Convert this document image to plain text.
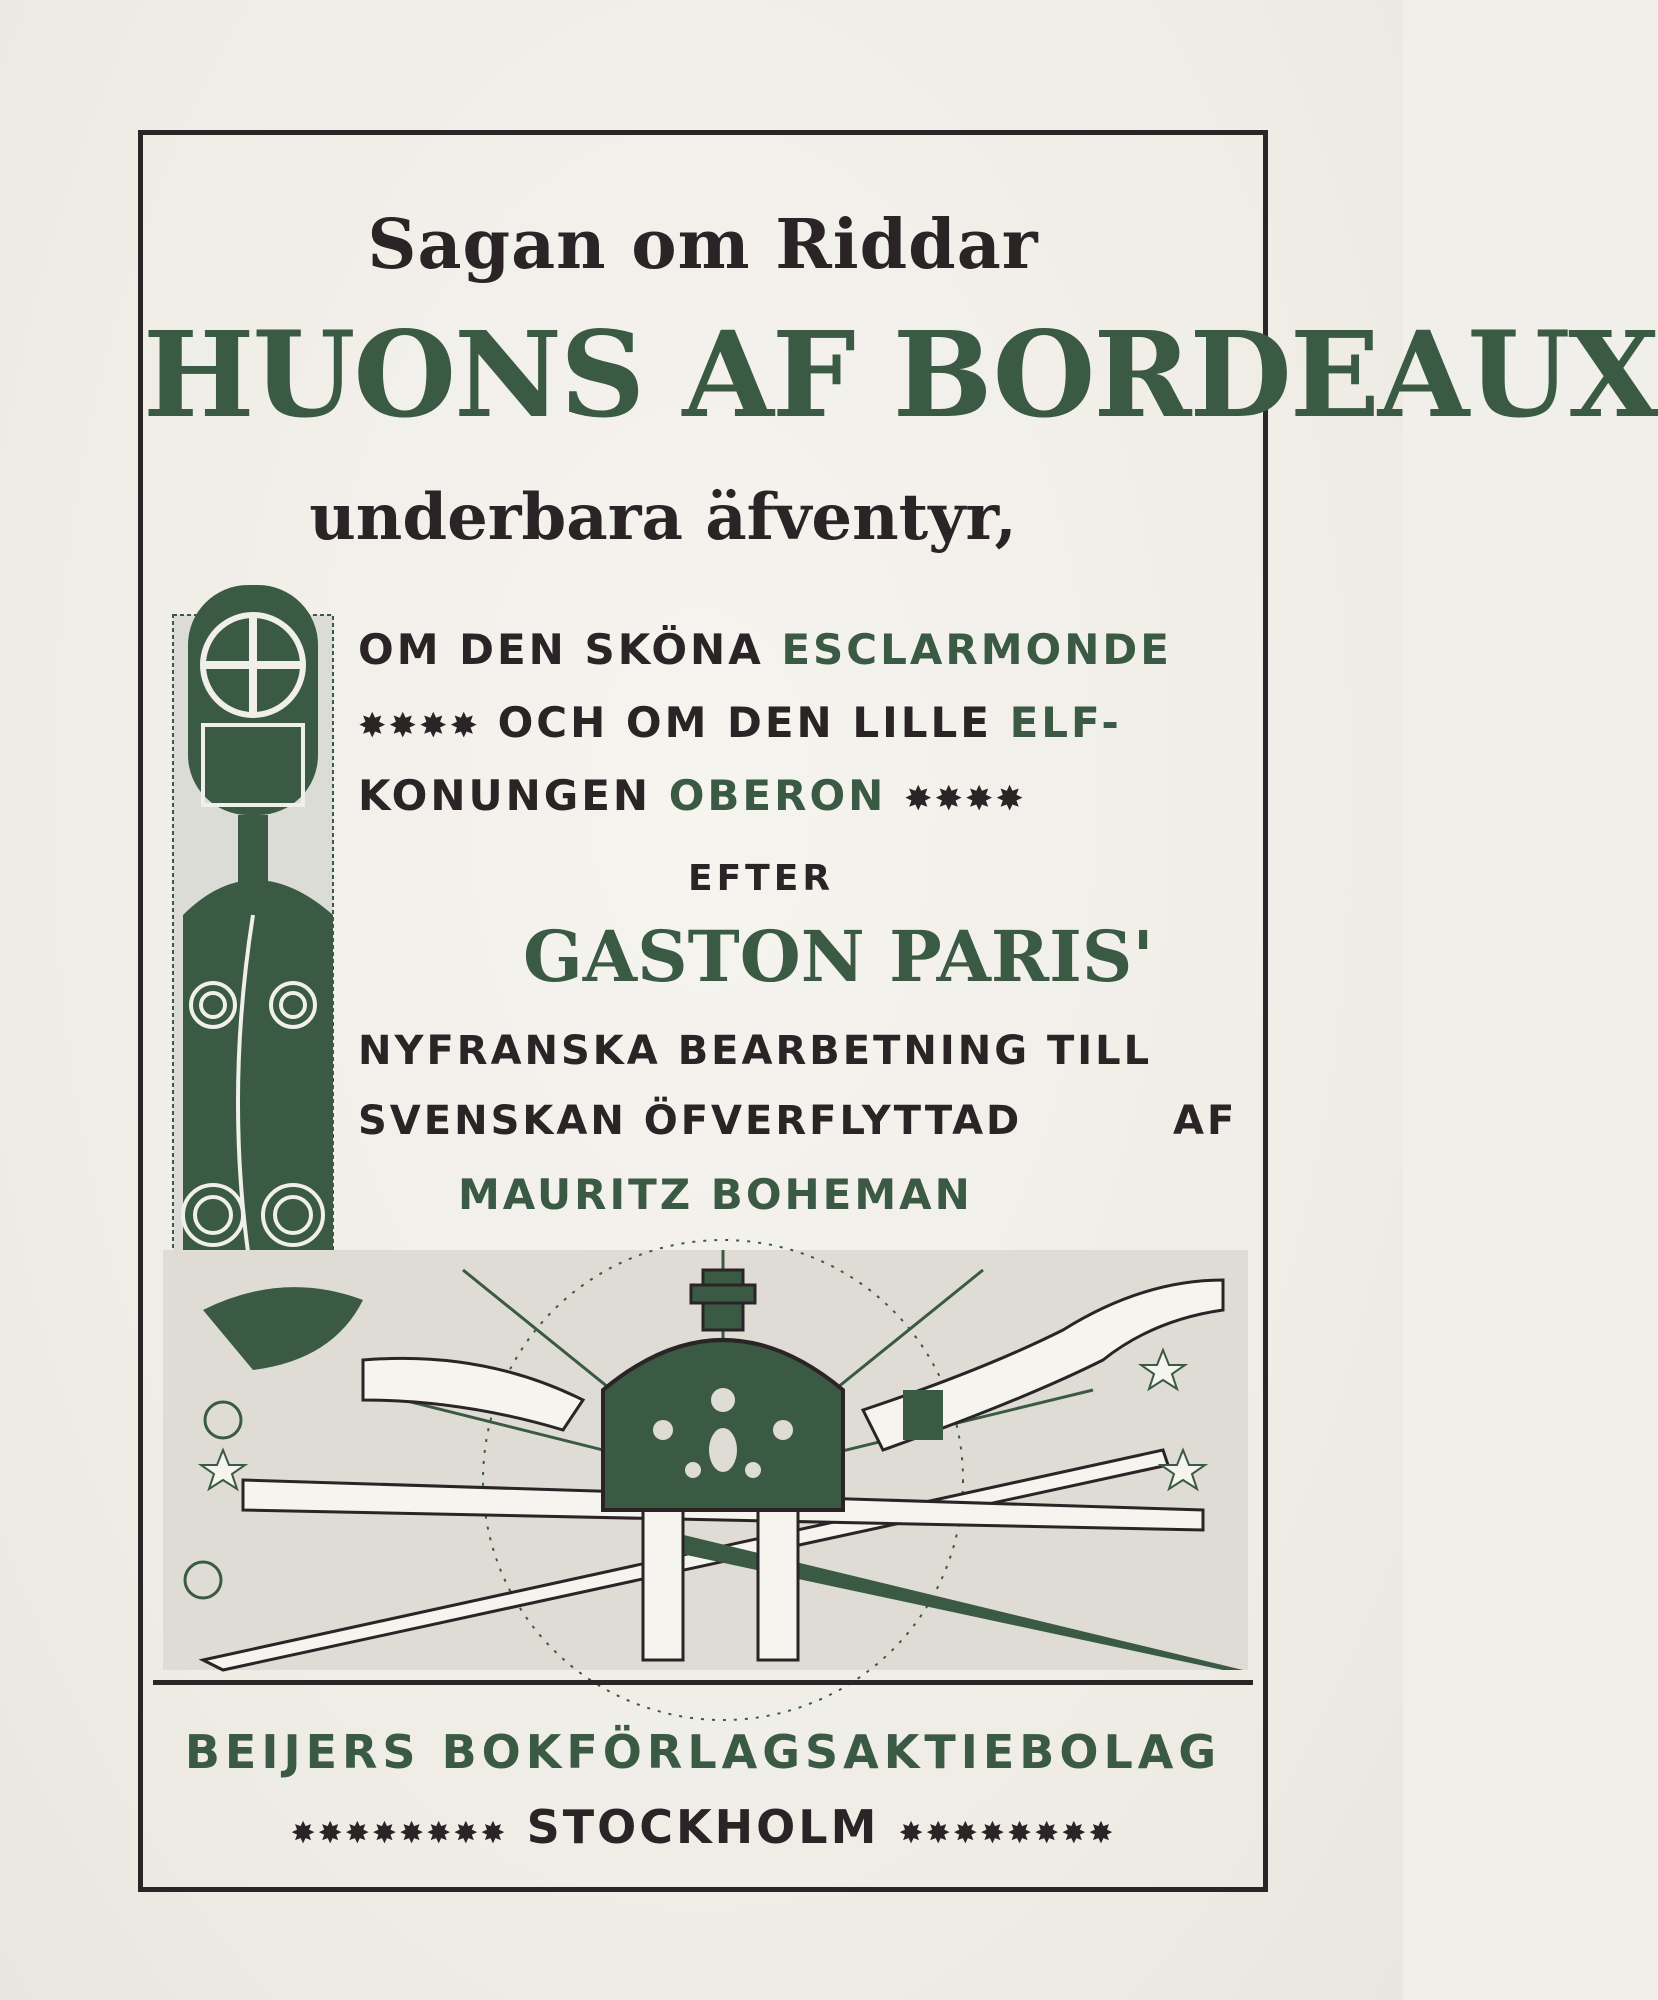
Sagan om Riddar
HUONS AF BORDEAUX
underbara äfventyr,
OM DEN SKÖNA ESCLARMONDE
✸✸✸✸ OCH OM DEN LILLE ELF-
KONUNGEN OBERON ✸✸✸✸
EFTER
GASTON PARIS'
NYFRANSKA BEARBETNING TILL
SVENSKAN ÖFVERFLYTTAD	AF
MAURITZ BOHEMAN
BEIJERS BOKFÖRLAGSAKTIEBOLAG
✸✸✸✸✸✸✸✸ STOCKHOLM ✸✸✸✸✸✸✸✸
